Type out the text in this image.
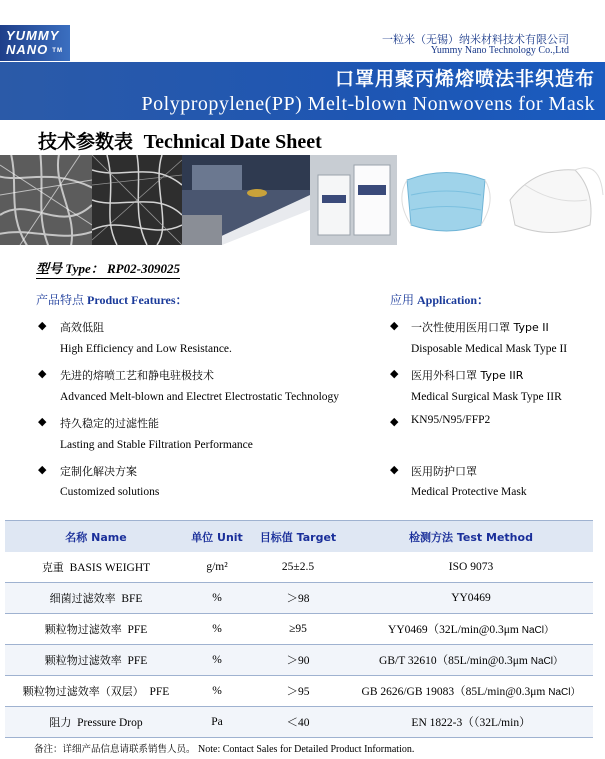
YUMMY
NANO TM
一粒米（无锡）纳米材料技术有限公司
Yummy Nano Technology Co.,Ltd
口罩用聚丙烯熔喷法非织造布
Polypropylene(PP) Melt-blown Nonwovens for Mask
技术参数表 Technical Date Sheet
型号 Type： RP02-309025
产品特点 Product Features：
◆ 高效低阻
High Efficiency and Low Resistance.
◆ 先进的熔喷工艺和静电驻极技术
Advanced Melt-blown and Electret Electrostatic Technology
◆ 持久稳定的过滤性能
Lasting and Stable Filtration Performance
◆ 定制化解决方案
Customized solutions
应用 Application：
◆ 一次性使用医用口罩 Type II
Disposable Medical Mask Type II
◆ 医用外科口罩 Type IIR
Medical Surgical Mask Type IIR
◆ KN95/N95/FFP2
◆ 医用防护口罩
Medical Protective Mask
名称 Name	单位 Unit	目标值 Target	检测方法 Test Method
克重 BASIS WEIGHT	g/m²	25±2.5	ISO 9073
细菌过滤效率 BFE	%	＞98	YY0469
颗粒物过滤效率 PFE	%	≥95	YY0469（32L/min@0.3μm NaCl）
颗粒物过滤效率 PFE	%	＞90	GB/T 32610（85L/min@0.3μm NaCl）
颗粒物过滤效率（双层） PFE	%	＞95	GB 2626/GB 19083（85L/min@0.3μm NaCl）
阻力 Pressure Drop	Pa	＜40	EN 1822-3（（32L/min）
备注：详细产品信息请联系销售人员。 Note: Contact Sales for Detailed Product Information.
